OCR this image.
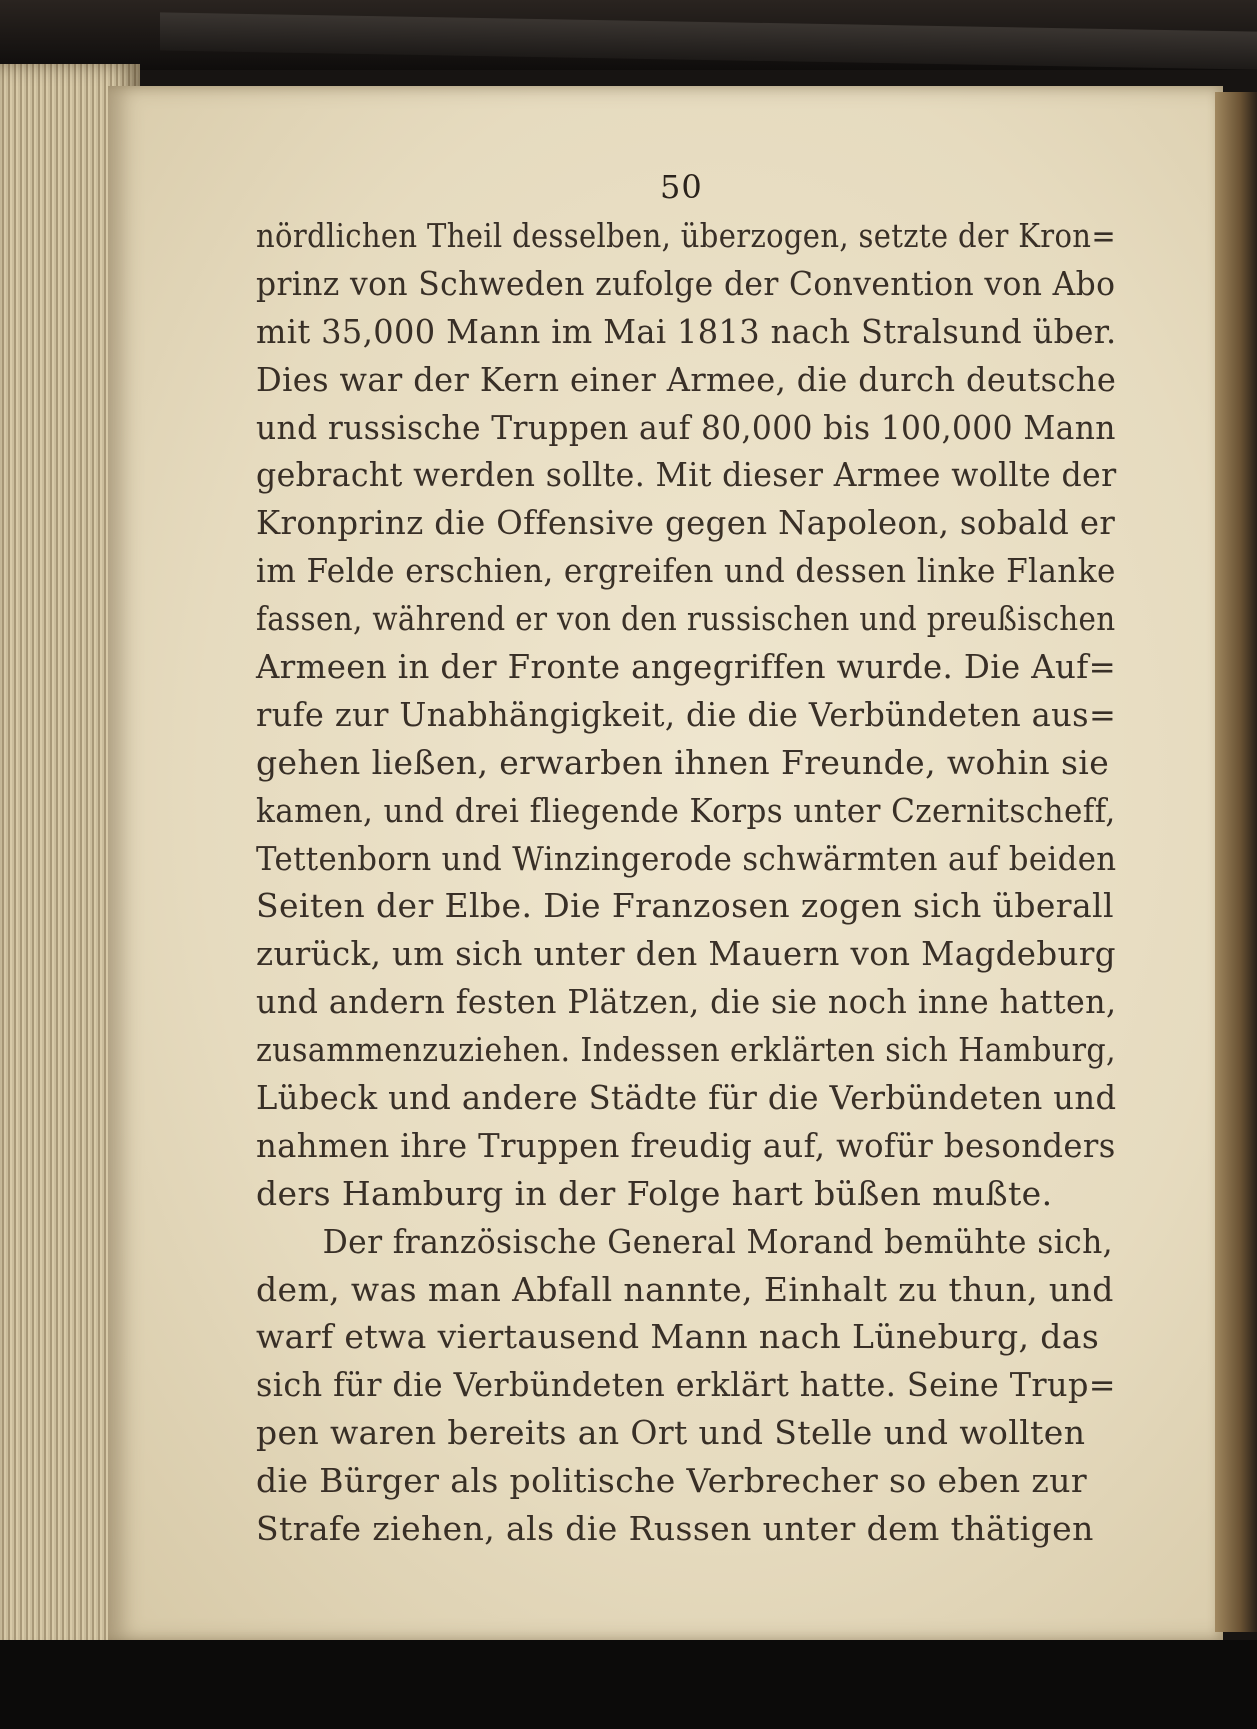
50
nördlichen Theil desselben, überzogen, setzte der Kron=
prinz von Schweden zufolge der Convention von Abo
mit 35,000 Mann im Mai 1813 nach Stralsund über.
Dies war der Kern einer Armee, die durch deutsche
und russische Truppen auf 80,000 bis 100,000 Mann
gebracht werden sollte. Mit dieser Armee wollte der
Kronprinz die Offensive gegen Napoleon, sobald er
im Felde erschien, ergreifen und dessen linke Flanke
fassen, während er von den russischen und preußischen
Armeen in der Fronte angegriffen wurde. Die Auf=
rufe zur Unabhängigkeit, die die Verbündeten aus=
gehen ließen, erwarben ihnen Freunde, wohin sie
kamen, und drei fliegende Korps unter Czernitscheff,
Tettenborn und Winzingerode schwärmten auf beiden
Seiten der Elbe. Die Franzosen zogen sich überall
zurück, um sich unter den Mauern von Magdeburg
und andern festen Plätzen, die sie noch inne hatten,
zusammenzuziehen. Indessen erklärten sich Hamburg,
Lübeck und andere Städte für die Verbündeten und
nahmen ihre Truppen freudig auf, wofür besonders
ders Hamburg in der Folge hart büßen mußte.
Der französische General Morand bemühte sich,
dem, was man Abfall nannte, Einhalt zu thun, und
warf etwa viertausend Mann nach Lüneburg, das
sich für die Verbündeten erklärt hatte. Seine Trup=
pen waren bereits an Ort und Stelle und wollten
die Bürger als politische Verbrecher so eben zur
Strafe ziehen, als die Russen unter dem thätigen
